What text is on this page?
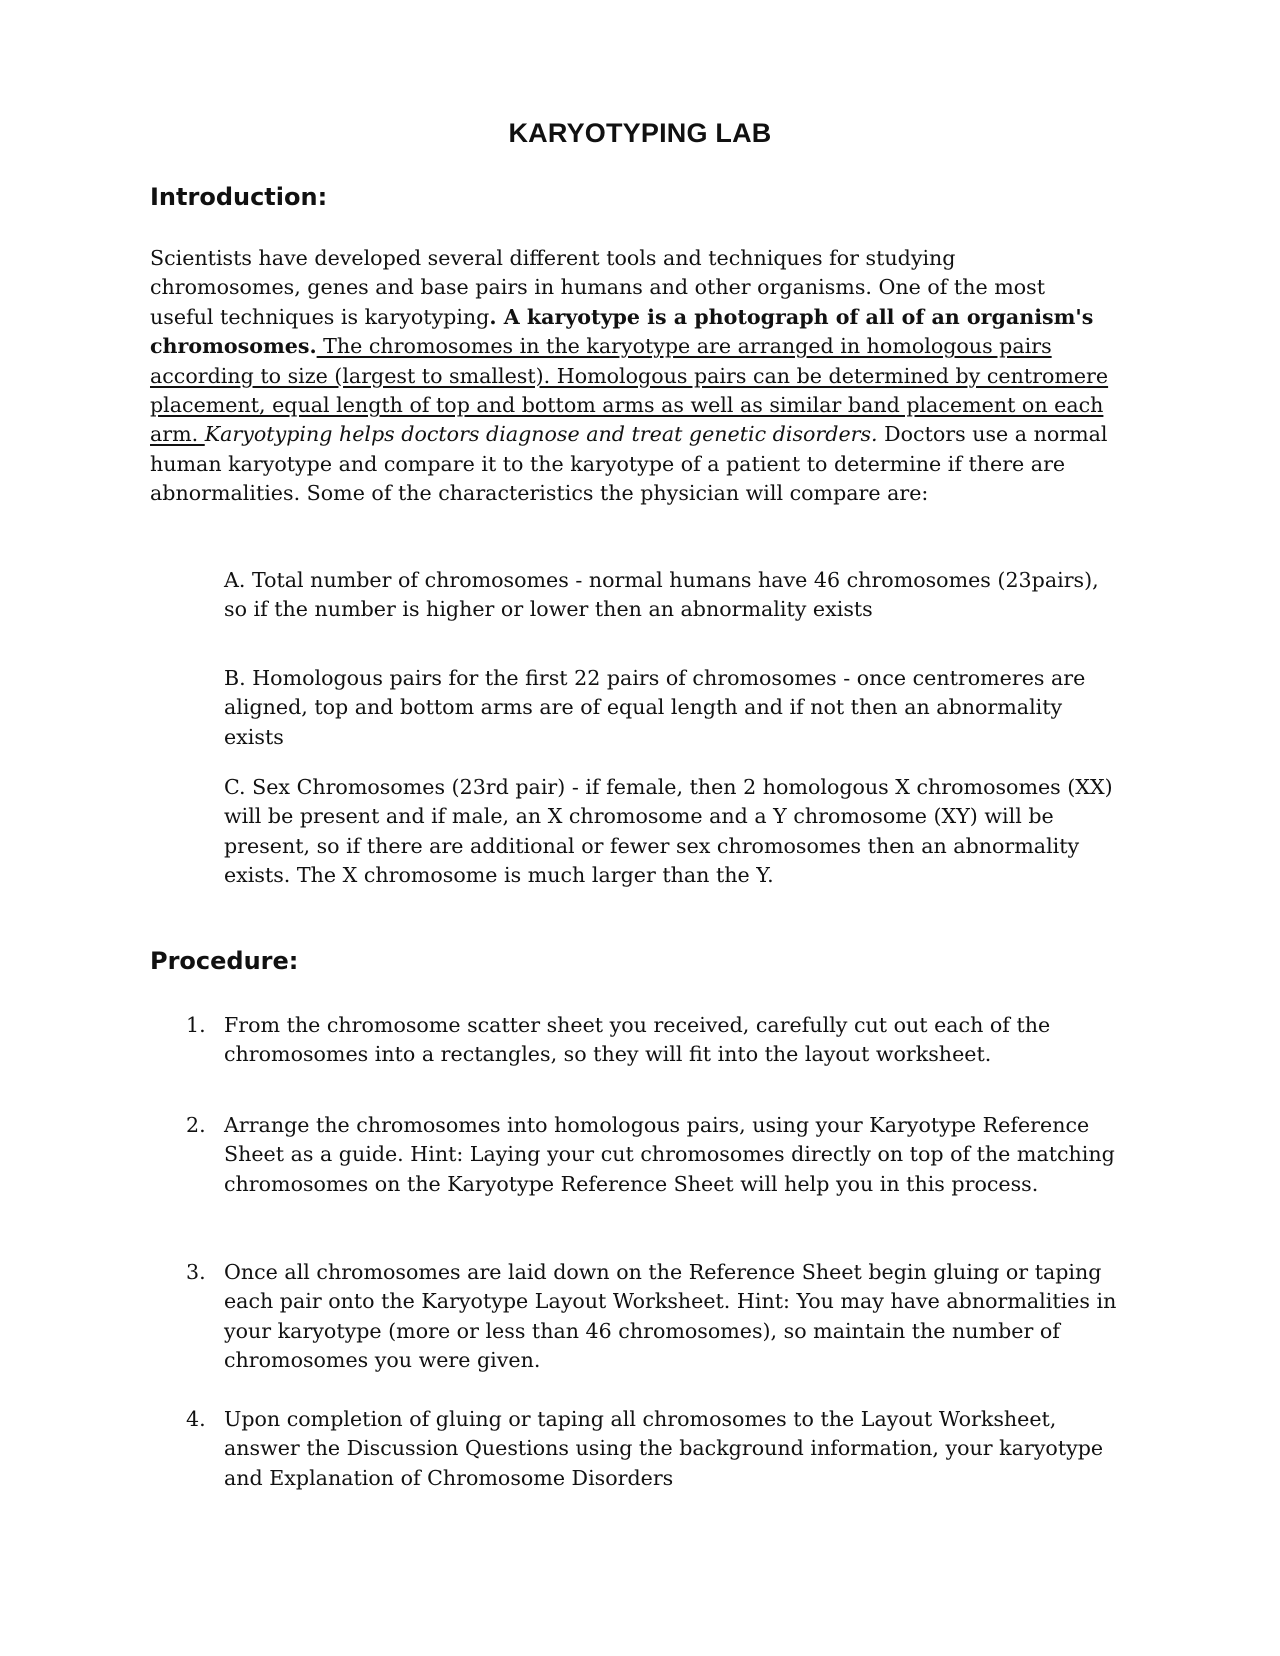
KARYOTYPING LAB
Introduction:

Scientists have developed several different tools and techniques for studying chromosomes, genes and base pairs in humans and other organisms. One of the most useful techniques is karyotyping. A karyotype is a photograph of all of an organism's chromosomes. The chromosomes in the karyotype are arranged in homologous pairs according to size (largest to smallest). Homologous pairs can be determined by centromere placement, equal length of top and bottom arms as well as similar band placement on each arm. Karyotyping helps doctors diagnose and treat genetic disorders. Doctors use a normal human karyotype and compare it to the karyotype of a patient to determine if there are abnormalities. Some of the characteristics the physician will compare are:

A. Total number of chromosomes - normal humans have 46 chromosomes (23pairs), so if the number is higher or lower then an abnormality exists

B. Homologous pairs for the first 22 pairs of chromosomes - once centromeres are aligned, top and bottom arms are of equal length and if not then an abnormality exists

C. Sex Chromosomes (23rd pair) - if female, then 2 homologous X chromosomes (XX) will be present and if male, an X chromosome and a Y chromosome (XY) will be present, so if there are additional or fewer sex chromosomes then an abnormality exists. The X chromosome is much larger than the Y.

Procedure:
1. From the chromosome scatter sheet you received, carefully cut out each of the chromosomes into a rectangles, so they will fit into the layout worksheet.
2. Arrange the chromosomes into homologous pairs, using your Karyotype Reference Sheet as a guide. Hint: Laying your cut chromosomes directly on top of the matching chromosomes on the Karyotype Reference Sheet will help you in this process.
3. Once all chromosomes are laid down on the Reference Sheet begin gluing or taping each pair onto the Karyotype Layout Worksheet. Hint: You may have abnormalities in your karyotype (more or less than 46 chromosomes), so maintain the number of chromosomes you were given.
4. Upon completion of gluing or taping all chromosomes to the Layout Worksheet, answer the Discussion Questions using the background information, your karyotype and Explanation of Chromosome Disorders
